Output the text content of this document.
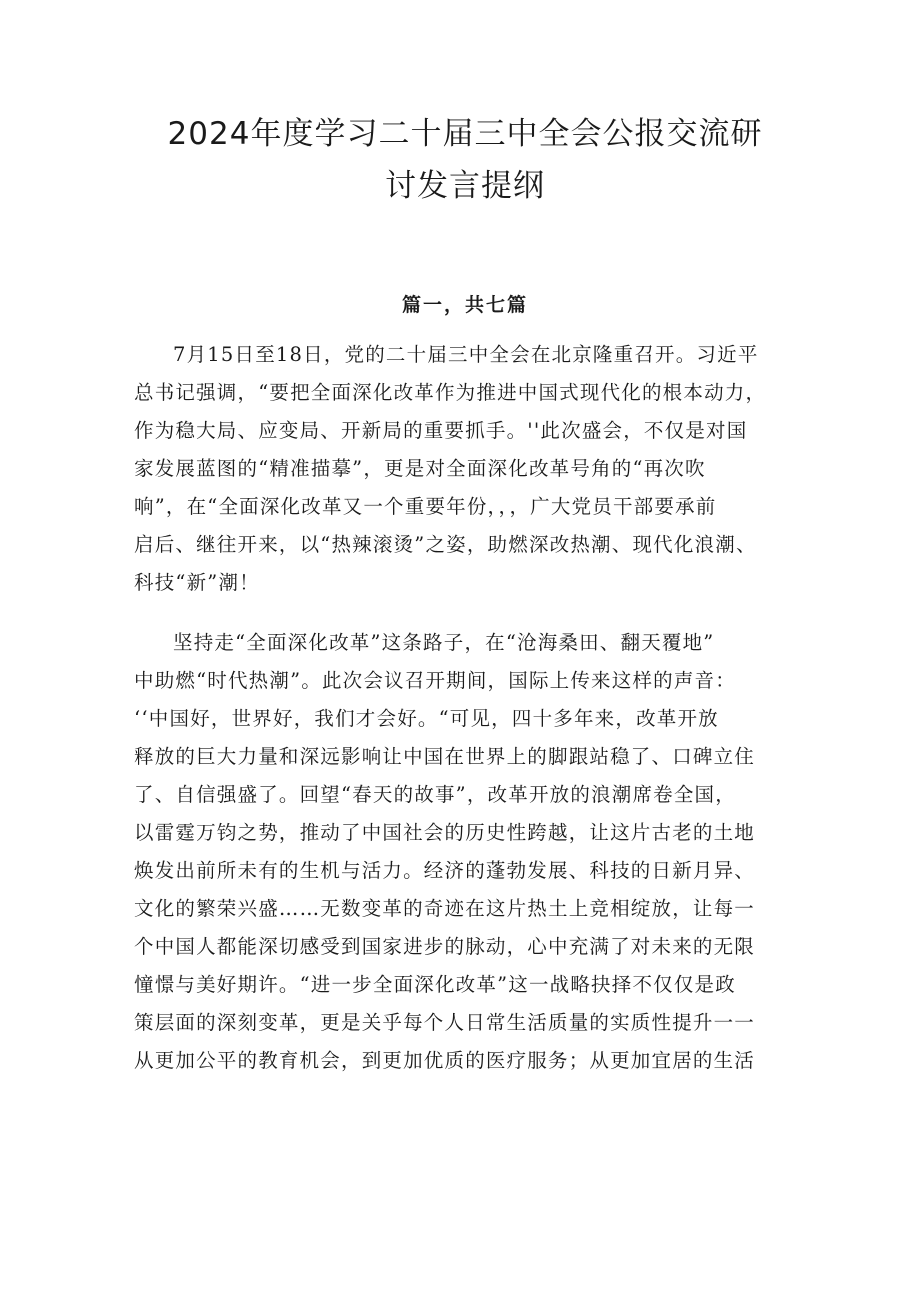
2024年度学习二十届三中全会公报交流研
讨发言提纲
篇一，共七篇

7月15日至18日，党的二十届三中全会在北京隆重召开。习近平
总书记强调，“要把全面深化改革作为推进中国式现代化的根本动力，
作为稳大局、应变局、开新局的重要抓手。''此次盛会，不仅是对国
家发展蓝图的“精准描摹”，更是对全面深化改革号角的“再次吹
响”，在“全面深化改革又一个重要年份，，，广大党员干部要承前
启后、继往开来，以“热辣滚烫”之姿，助燃深改热潮、现代化浪潮、
科技“新”潮！

坚持走“全面深化改革”这条路子，在“沧海桑田、翻天覆地”
中助燃“时代热潮”。此次会议召开期间，国际上传来这样的声音：
‘‘中国好，世界好，我们才会好。“可见，四十多年来，改革开放
释放的巨大力量和深远影响让中国在世界上的脚跟站稳了、口碑立住
了、自信强盛了。回望“春天的故事”，改革开放的浪潮席卷全国，
以雷霆万钧之势，推动了中国社会的历史性跨越，让这片古老的土地
焕发出前所未有的生机与活力。经济的蓬勃发展、科技的日新月异、
文化的繁荣兴盛……无数变革的奇迹在这片热土上竞相绽放，让每一
个中国人都能深切感受到国家进步的脉动，心中充满了对未来的无限
憧憬与美好期许。“进一步全面深化改革”这一战略抉择不仅仅是政
策层面的深刻变革，更是关乎每个人日常生活质量的实质性提升一一
从更加公平的教育机会，到更加优质的医疗服务；从更加宜居的生活
